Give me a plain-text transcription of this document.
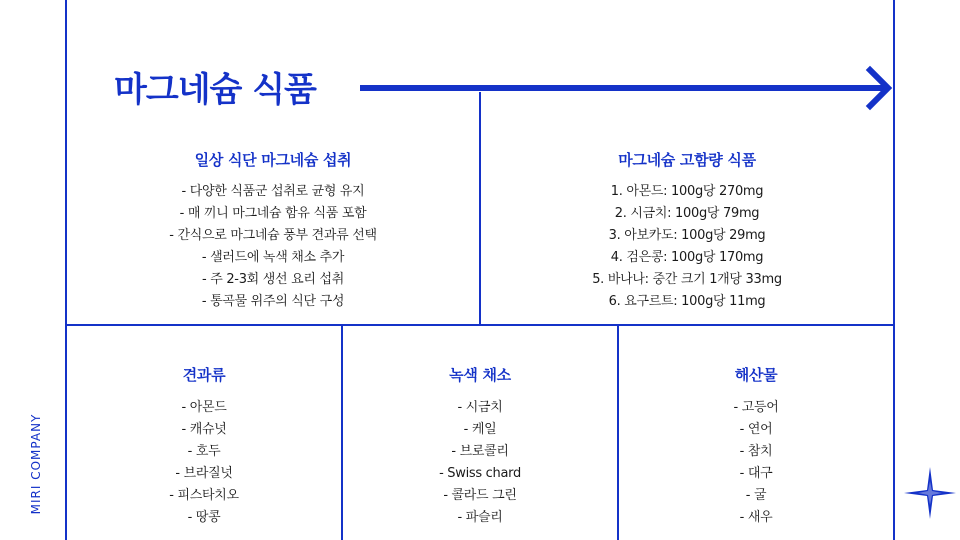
마그네슘 식품
일상 식단 마그네슘 섭취
- 다양한 식품군 섭취로 균형 유지
- 매 끼니 마그네슘 함유 식품 포함
- 간식으로 마그네슘 풍부 견과류 선택
- 샐러드에 녹색 채소 추가
- 주 2-3회 생선 요리 섭취
- 통곡물 위주의 식단 구성
마그네슘 고함량 식품
1. 아몬드: 100g당 270mg
2. 시금치: 100g당 79mg
3. 아보카도: 100g당 29mg
4. 검은콩: 100g당 170mg
5. 바나나: 중간 크기 1개당 33mg
6. 요구르트: 100g당 11mg
견과류
- 아몬드
- 캐슈넛
- 호두
- 브라질넛
- 피스타치오
- 땅콩
녹색 채소
- 시금치
- 케일
- 브로콜리
- Swiss chard
- 콜라드 그린
- 파슬리
해산물
- 고등어
- 연어
- 참치
- 대구
- 굴
- 새우
MIRI COMPANY
